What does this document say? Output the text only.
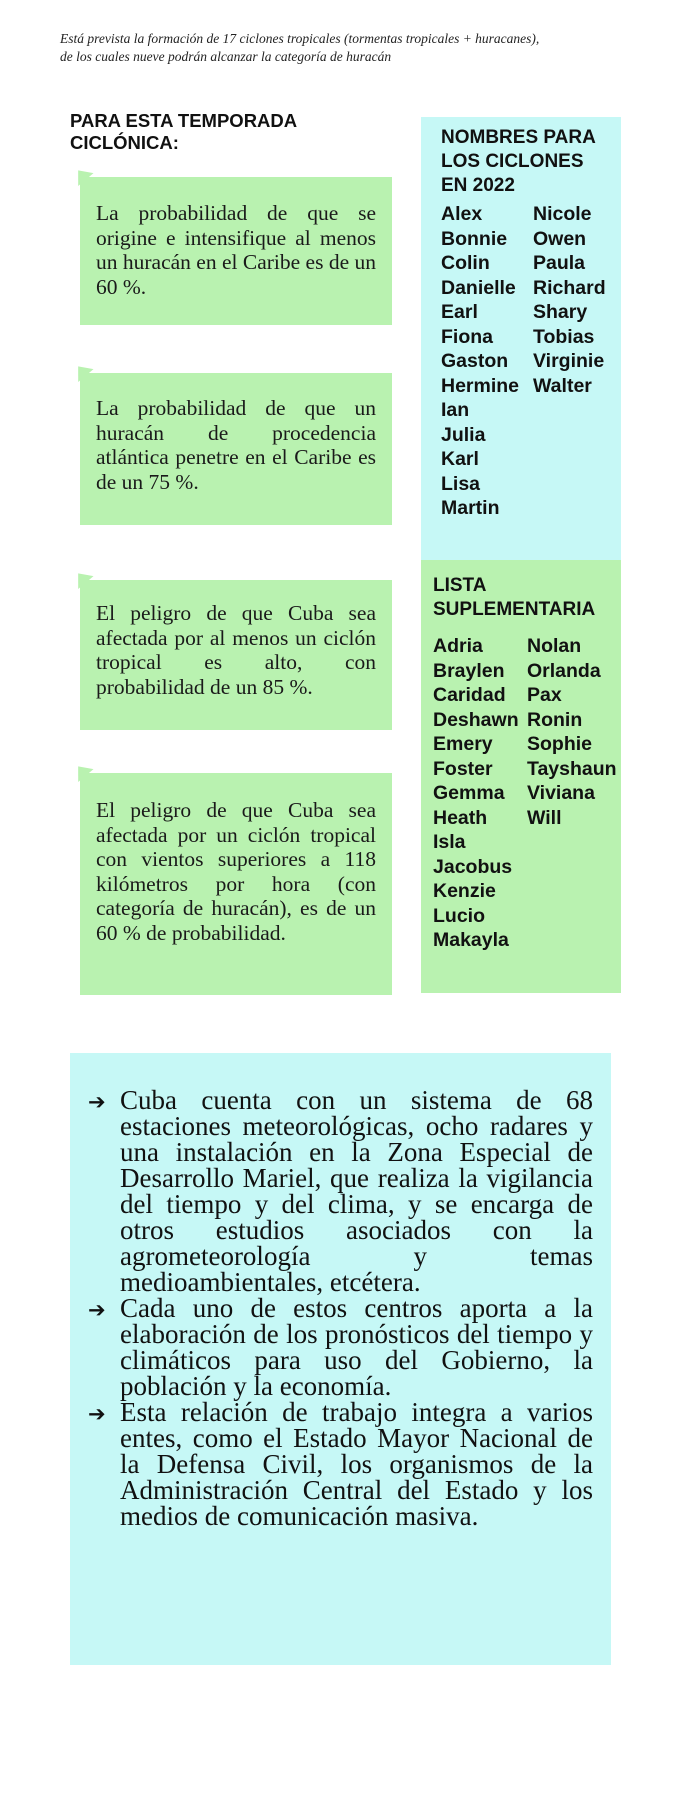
Está prevista la formación de 17 ciclones tropicales (tormentas tropicales + huracanes),
de los cuales nueve podrán alcanzar la categoría de huracán
PARA ESTA TEMPORADA
CICLÓNICA:
La probabilidad de que se origine e intensifique al menos un huracán en el Caribe es de un 60 %.
La probabilidad de que un huracán de procedencia atlántica penetre en el Caribe es de un 75 %.
El peligro de que Cuba sea afectada por al menos un ciclón tropical es alto, con probabilidad de un 85 %.
El peligro de que Cuba sea afectada por un ciclón tropical con vientos superiores a 118 kilómetros por hora (con categoría de huracán), es de un 60 % de probabilidad.
NOMBRES PARA
LOS CICLONES
EN 2022
Alex
Bonnie
Colin
Danielle
Earl
Fiona
Gaston
Hermine
Ian
Julia
Karl
Lisa
Martin
Nicole
Owen
Paula
Richard
Shary
Tobias
Virginie
Walter
LISTA
SUPLEMENTARIA
Adria
Braylen
Caridad
Deshawn
Emery
Foster
Gemma
Heath
Isla
Jacobus
Kenzie
Lucio
Makayla
Nolan
Orlanda
Pax
Ronin
Sophie
Tayshaun
Viviana
Will
➔ Cuba cuenta con un sistema de 68 estaciones meteorológicas, ocho radares y una instalación en la Zona Especial de Desarrollo Mariel, que realiza la vigilancia del tiempo y del clima, y se encarga de otros estudios asociados con la agrometeorología y temas medioambientales, etcétera.
➔ Cada uno de estos centros aporta a la elaboración de los pronósticos del tiempo y climáticos para uso del Gobierno, la población y la economía.
➔ Esta relación de trabajo integra a varios entes, como el Estado Mayor Nacional de la Defensa Civil, los organismos de la Administración Central del Estado y los medios de comunicación masiva.
